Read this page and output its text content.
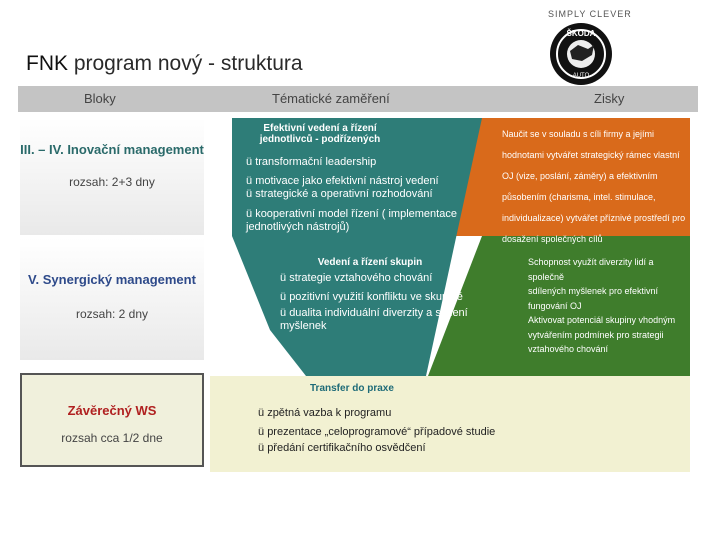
SIMPLY CLEVER
ŠKODA
AUTO
FNK program nový - struktura
Bloky	Tématické zaměření	Zisky
III. – IV. Inovační management
rozsah: 2+3 dny
V. Synergický management
rozsah: 2 dny
Závěrečný WS
rozsah cca 1/2 dne
Efektivní vedení a řízení jednotlivců - podřízených
ü transformační leadership
ü motivace jako efektivní nástroj vedení
ü strategické a operativní rozhodování
ü kooperativní model řízení ( implementace jednotlivých nástrojů)
Vedení a řízení skupin
ü strategie vztahového chování
ü pozitivní využití konfliktu ve skupině
ü dualita individuální diverzity a sdílení myšlenek
Transfer do praxe
ü zpětná vazba k programu
ü prezentace „celoprogramové“ případové studie
ü předání certifikačního osvědčení
Naučit se v souladu s cíli firmy a jejími
hodnotami vytvářet strategický rámec vlastní
OJ (vize, poslání, záměry) a efektivním
působením (charisma, intel. stimulace,
individualizace) vytvářet příznivé prostředí pro
dosažení společných cílů
Schopnost využít diverzity lidí a společně
sdílených myšlenek pro efektivní
fungování OJ
Aktivovat potenciál skupiny vhodným
vytvářením podmínek pro strategii
vztahového chování
